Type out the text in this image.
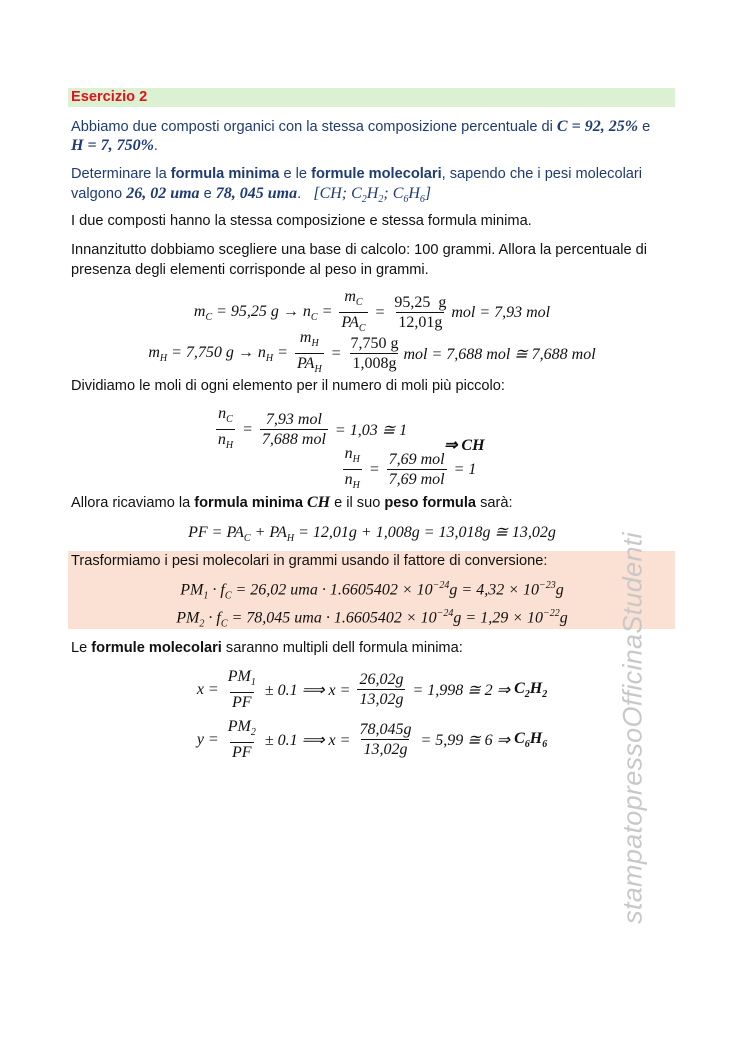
Esercizio 2
Abbiamo due composti organici con la stessa composizione percentuale di C = 92, 25% e
H = 7, 750%.
Determinare la formula minima e le formule molecolari, sapendo che i pesi molecolari
valgono 26, 02 uma e 78, 045 uma. [CH; $C_2H_2$; $C_6H_6$]
I due composti hanno la stessa composizione e stessa formula minima.
Innanzitutto dobbiamo scegliere una base di calcolo: 100 grammi. Allora la percentuale di
presenza degli elementi corrisponde al peso in grammi.
$m_C = 95,25$ $g \to n_C = \frac{m_C}{PA_C} = \frac{95,25 g}{12,01g}$ mol = 7,93 mol
$m_H = 7,750$ $g \to n_H = \frac{m_H}{PA_H} = \frac{7,750 g}{1,008g}$ mol = 7,688 mol ≅ 7,688 mol
Dividiamo le moli di ogni elemento per il numero di moli più piccolo:
$\frac{n_C}{n_H} = \frac{\text{7,93 mol}}{\text{7,688 mol}} = 1,03$ ≅ 1
$\frac{n_H}{n_H} = \frac{\text{7,69 mol}}{\text{7,69 mol}} = 1$
⇒ CH
Allora ricaviamo la formula minima CH e il suo peso formula sarà:
PF = $PA_C + PA_H = 12,01g + 1,008g = 13,018g$ ≅ 13,02g
Trasformiamo i pesi molecolari in grammi usando il fattore di conversione:
$PM_1 \cdot f_C = 26,02$ uma · $1.6605402 \times 10^{-24}g = 4,32 \times 10^{-23}g$
$PM_2 \cdot f_C = 78,045$ uma · $1.6605402 \times 10^{-24}g = 1,29 \times 10^{-22}g$
Le formule molecolari saranno multipli dell formula minima:
$x = \frac{PM_1}{PF} \pm 0.1$ ⟹ $x = \frac{26,02g}{13,02g} = 1,998$ ≅ 2 ⇒ $C_2H_2$
$y = \frac{PM_2}{PF} \pm 0.1$ ⟹ $x = \frac{78,045g}{13,02g} = 5,99$ ≅ 6 ⇒ $C_6H_6$	stampatopressoOfficinaStudenti
